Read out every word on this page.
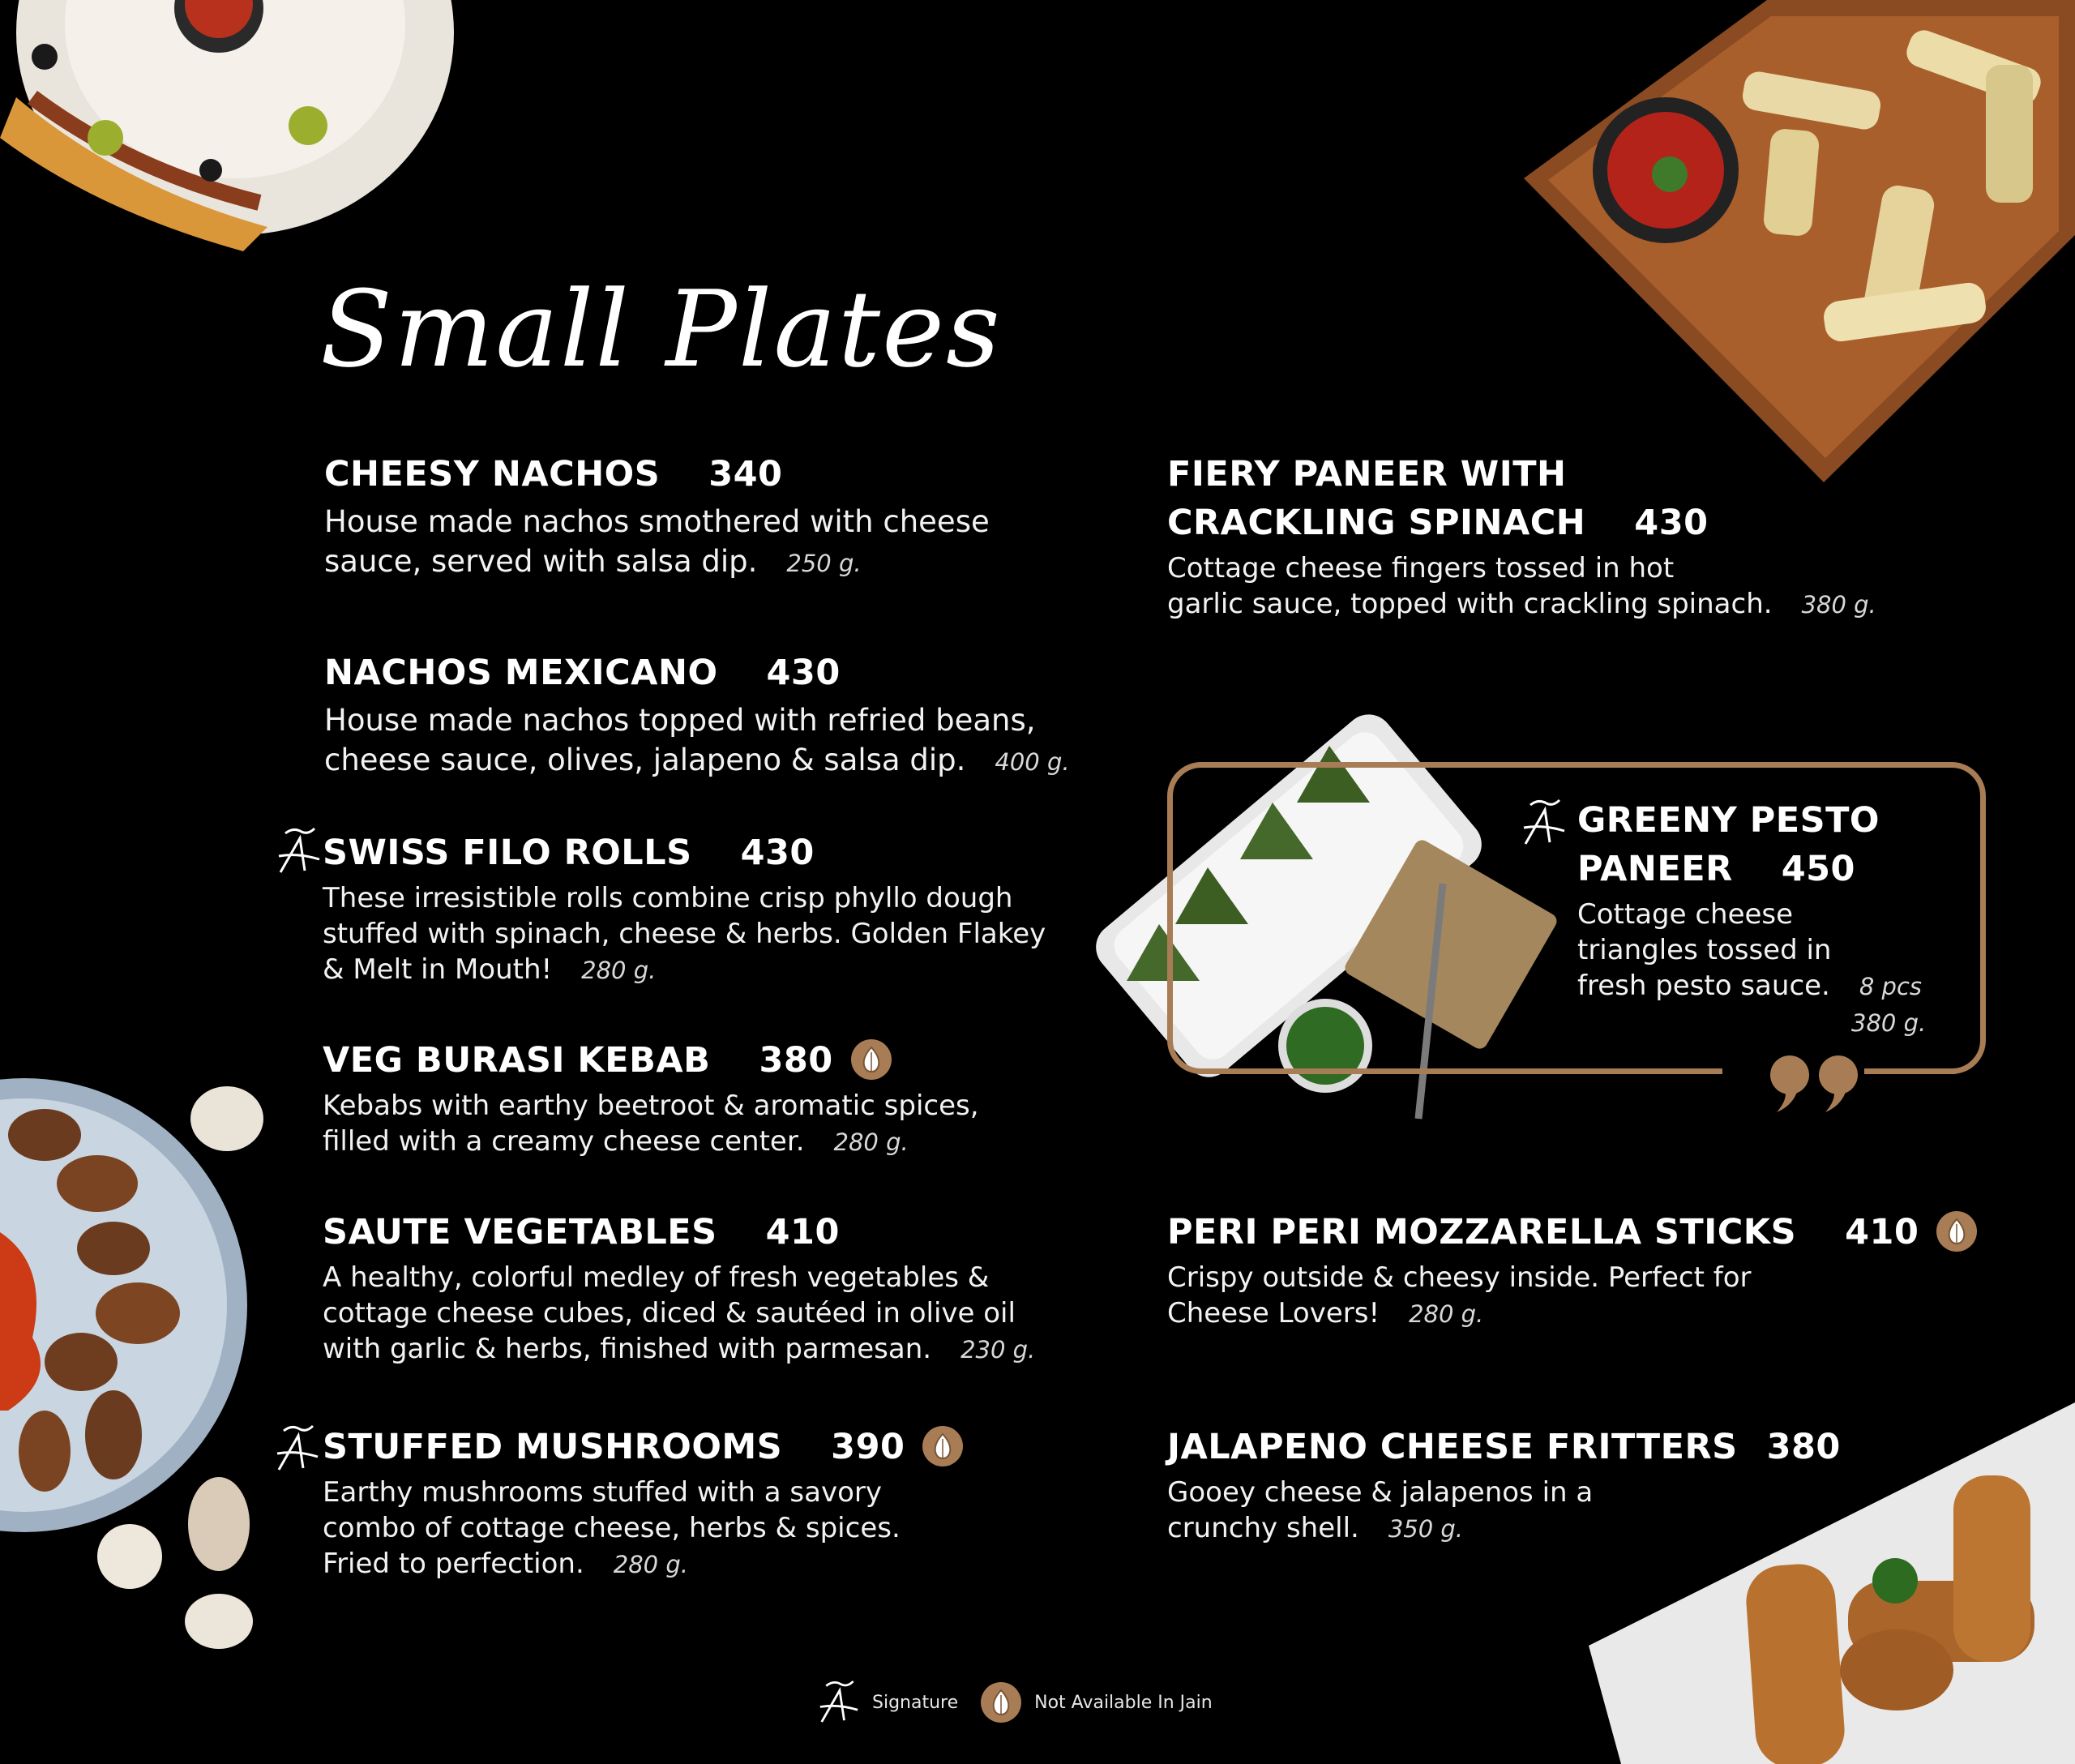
Small Plates
CHEESY NACHOS 340
House made nachos smothered with cheese
sauce, served with salsa dip. 250 g.
NACHOS MEXICANO 430
House made nachos topped with refried beans,
cheese sauce, olives, jalapeno & salsa dip. 400 g.
SWISS FILO ROLLS 430
These irresistible rolls combine crisp phyllo dough
stuffed with spinach, cheese & herbs. Golden Flakey
& Melt in Mouth! 280 g.
VEG BURASI KEBAB 380
Kebabs with earthy beetroot & aromatic spices,
filled with a creamy cheese center. 280 g.
SAUTE VEGETABLES 410
A healthy, colorful medley of fresh vegetables &
cottage cheese cubes, diced & sautéed in olive oil
with garlic & herbs, finished with parmesan. 230 g.
STUFFED MUSHROOMS 390
Earthy mushrooms stuffed with a savory
combo of cottage cheese, herbs & spices.
Fried to perfection. 280 g.
FIERY PANEER WITH
CRACKLING SPINACH 430
Cottage cheese fingers tossed in hot
garlic sauce, topped with crackling spinach. 380 g.
GREENY PESTO
PANEER 450
Cottage cheese
triangles tossed in
fresh pesto sauce. 8 pcs
380 g.
PERI PERI MOZZARELLA STICKS 410
Crispy outside & cheesy inside. Perfect for
Cheese Lovers! 280 g.
JALAPENO CHEESE FRITTERS 380
Gooey cheese & jalapenos in a
crunchy shell. 350 g.
Signature	Not Available In Jain
